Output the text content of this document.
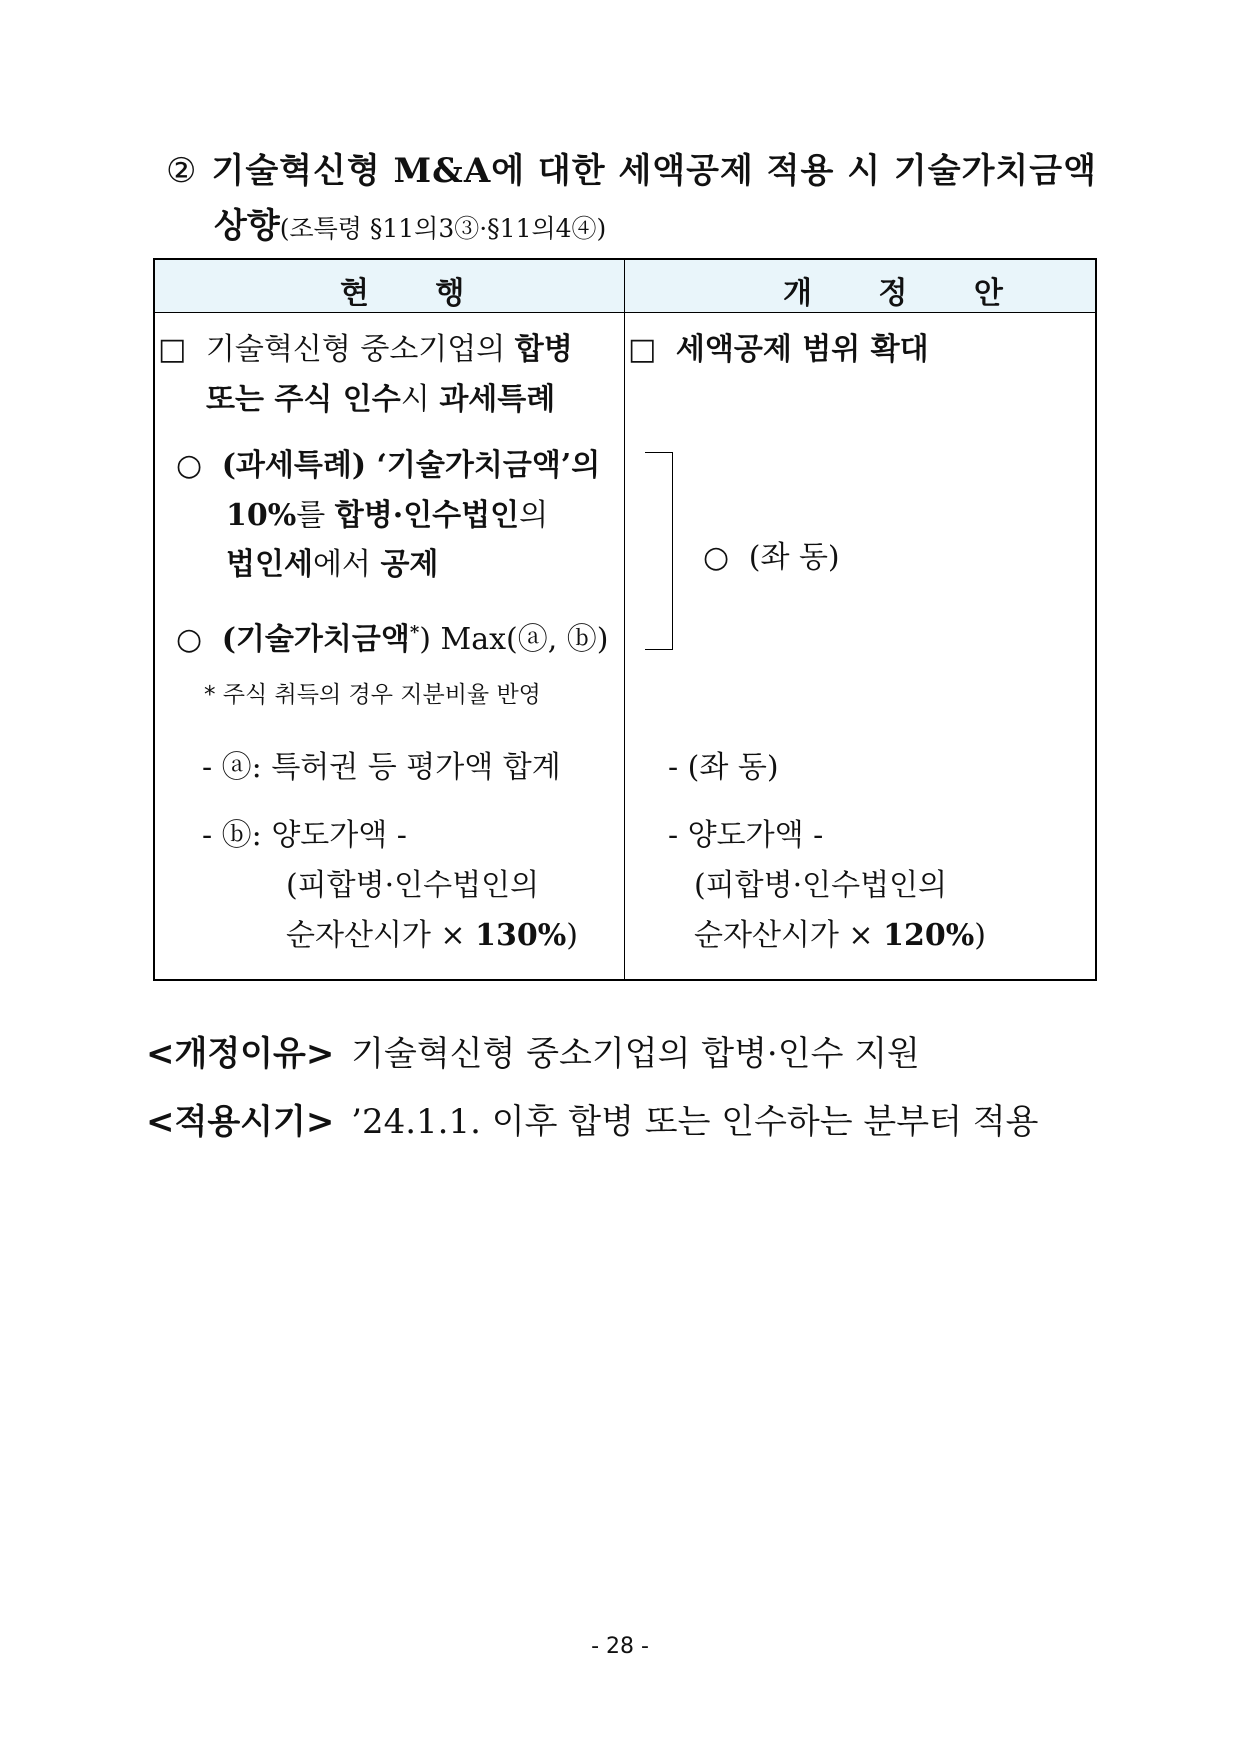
② 기술혁신형 M&A에 대한 세액공제 적용 시 기술가치금액
상향(조특령 §11의3③·§11의4④)
현 행	개 정 안
□ 기술혁신형 중소기업의 합병
또는 주식 인수시 과세특례
○ (과세특례) ‘기술가치금액’의
10%를 합병·인수법인의
법인세에서 공제
○ (기술가치금액*) Max(ⓐ, ⓑ)
* 주식 취득의 경우 지분비율 반영
- ⓐ: 특허권 등 평가액 합계
- ⓑ: 양도가액 -
(피합병·인수법인의
순자산시가 × 130%)
□ 세액공제 범위 확대
○ (좌 동)
- (좌 동)
- 양도가액 -
(피합병·인수법인의
순자산시가 × 120%)
<개정이유> 기술혁신형 중소기업의 합병·인수 지원
<적용시기> ’24.1.1. 이후 합병 또는 인수하는 분부터 적용
- 28 -
